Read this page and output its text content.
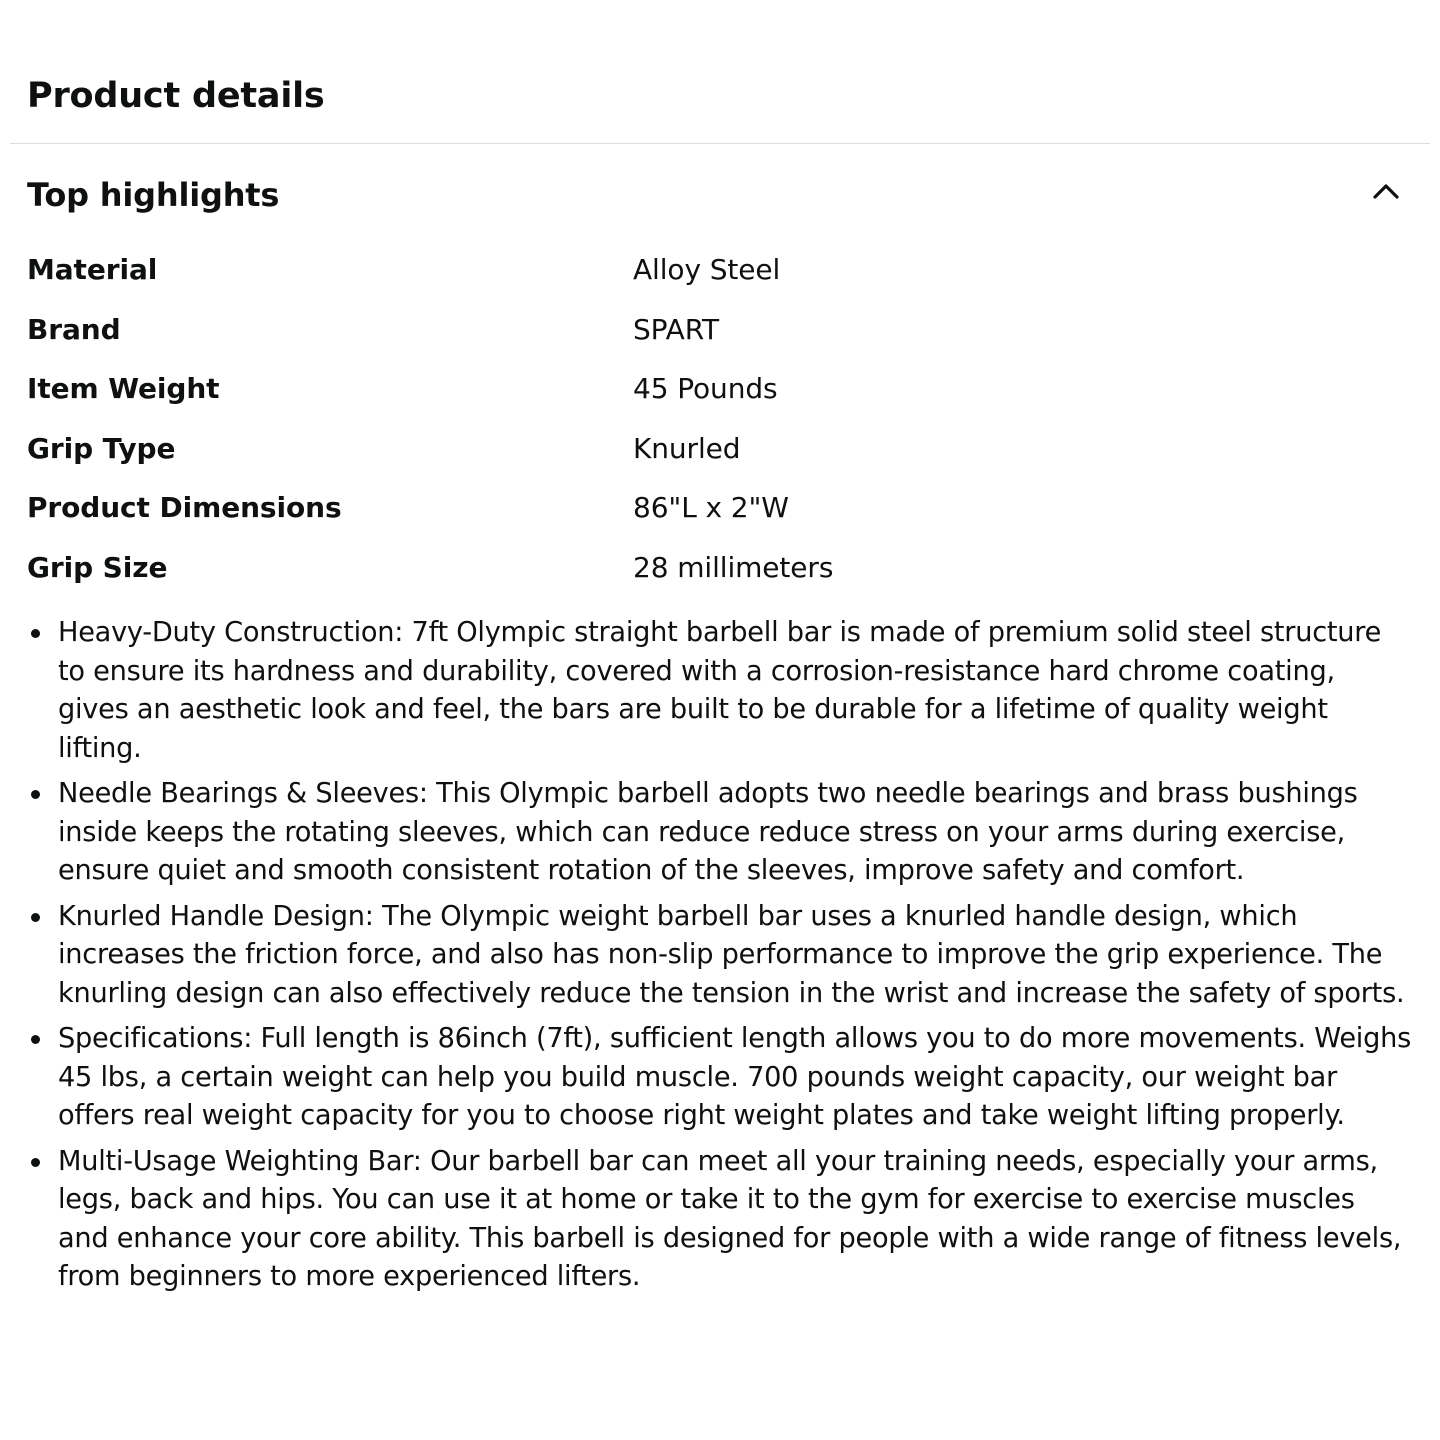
Product details
Top highlights
Material	Alloy Steel
Brand	SPART
Item Weight	45 Pounds
Grip Type	Knurled
Product Dimensions	86"L x 2"W
Grip Size	28 millimeters
Heavy-Duty Construction: 7ft Olympic straight barbell bar is made of premium solid steel structure to ensure its hardness and durability, covered with a corrosion-resistance hard chrome coating, gives an aesthetic look and feel, the bars are built to be durable for a lifetime of quality weight lifting.
Needle Bearings & Sleeves: This Olympic barbell adopts two needle bearings and brass bushings inside keeps the rotating sleeves, which can reduce reduce stress on your arms during exercise, ensure quiet and smooth consistent rotation of the sleeves, improve safety and comfort.
Knurled Handle Design: The Olympic weight barbell bar uses a knurled handle design, which increases the friction force, and also has non-slip performance to improve the grip experience. The knurling design can also effectively reduce the tension in the wrist and increase the safety of sports.
Specifications: Full length is 86inch (7ft), sufficient length allows you to do more movements. Weighs 45 lbs, a certain weight can help you build muscle. 700 pounds weight capacity, our weight bar offers real weight capacity for you to choose right weight plates and take weight lifting properly.
Multi-Usage Weighting Bar: Our barbell bar can meet all your training needs, especially your arms, legs, back and hips. You can use it at home or take it to the gym for exercise to exercise muscles and enhance your core ability. This barbell is designed for people with a wide range of fitness levels, from beginners to more experienced lifters.
